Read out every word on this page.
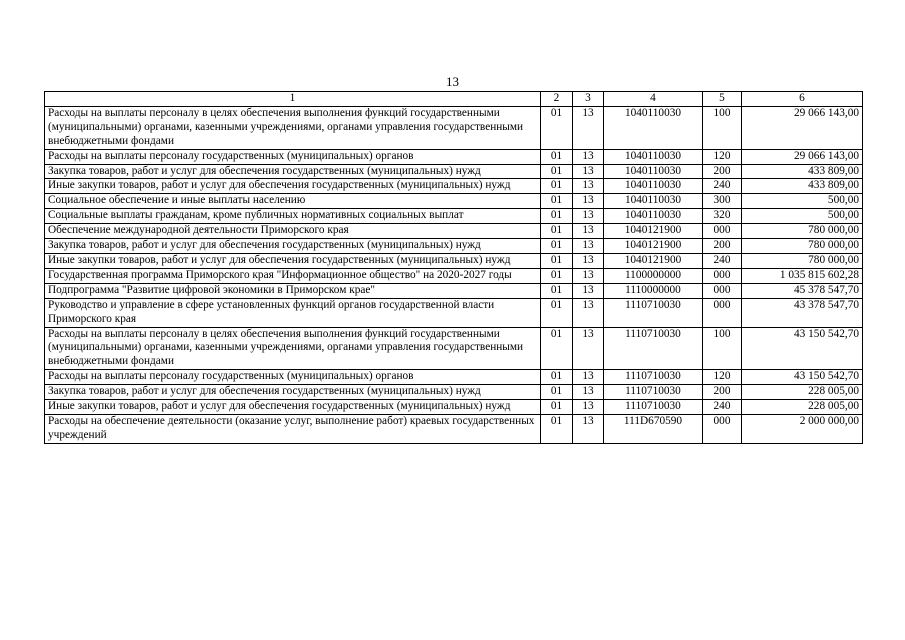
13
1	2	3	4	5	6
Расходы на выплаты персоналу в целях обеспечения выполнения функций государственными (муниципальными) органами, казенными учреждениями, органами управления государственными внебюджетными фондами	01	13	1040110030	100	29 066 143,00
Расходы на выплаты персоналу государственных (муниципальных) органов	01	13	1040110030	120	29 066 143,00
Закупка товаров, работ и услуг для обеспечения государственных (муниципальных) нужд	01	13	1040110030	200	433 809,00
Иные закупки товаров, работ и услуг для обеспечения государственных (муниципальных) нужд	01	13	1040110030	240	433 809,00
Социальное обеспечение и иные выплаты населению	01	13	1040110030	300	500,00
Социальные выплаты гражданам, кроме публичных нормативных социальных выплат	01	13	1040110030	320	500,00
Обеспечение международной деятельности Приморского края	01	13	1040121900	000	780 000,00
Закупка товаров, работ и услуг для обеспечения государственных (муниципальных) нужд	01	13	1040121900	200	780 000,00
Иные закупки товаров, работ и услуг для обеспечения государственных (муниципальных) нужд	01	13	1040121900	240	780 000,00
Государственная программа Приморского края "Информационное общество" на 2020-2027 годы	01	13	1100000000	000	1 035 815 602,28
Подпрограмма "Развитие цифровой экономики в Приморском крае"	01	13	1110000000	000	45 378 547,70
Руководство и управление в сфере установленных функций органов государственной власти Приморского края	01	13	1110710030	000	43 378 547,70
Расходы на выплаты персоналу в целях обеспечения выполнения функций государственными (муниципальными) органами, казенными учреждениями, органами управления государственными внебюджетными фондами	01	13	1110710030	100	43 150 542,70
Расходы на выплаты персоналу государственных (муниципальных) органов	01	13	1110710030	120	43 150 542,70
Закупка товаров, работ и услуг для обеспечения государственных (муниципальных) нужд	01	13	1110710030	200	228 005,00
Иные закупки товаров, работ и услуг для обеспечения государственных (муниципальных) нужд	01	13	1110710030	240	228 005,00
Расходы на обеспечение деятельности (оказание услуг, выполнение работ) краевых государственных учреждений	01	13	111D670590	000	2 000 000,00
